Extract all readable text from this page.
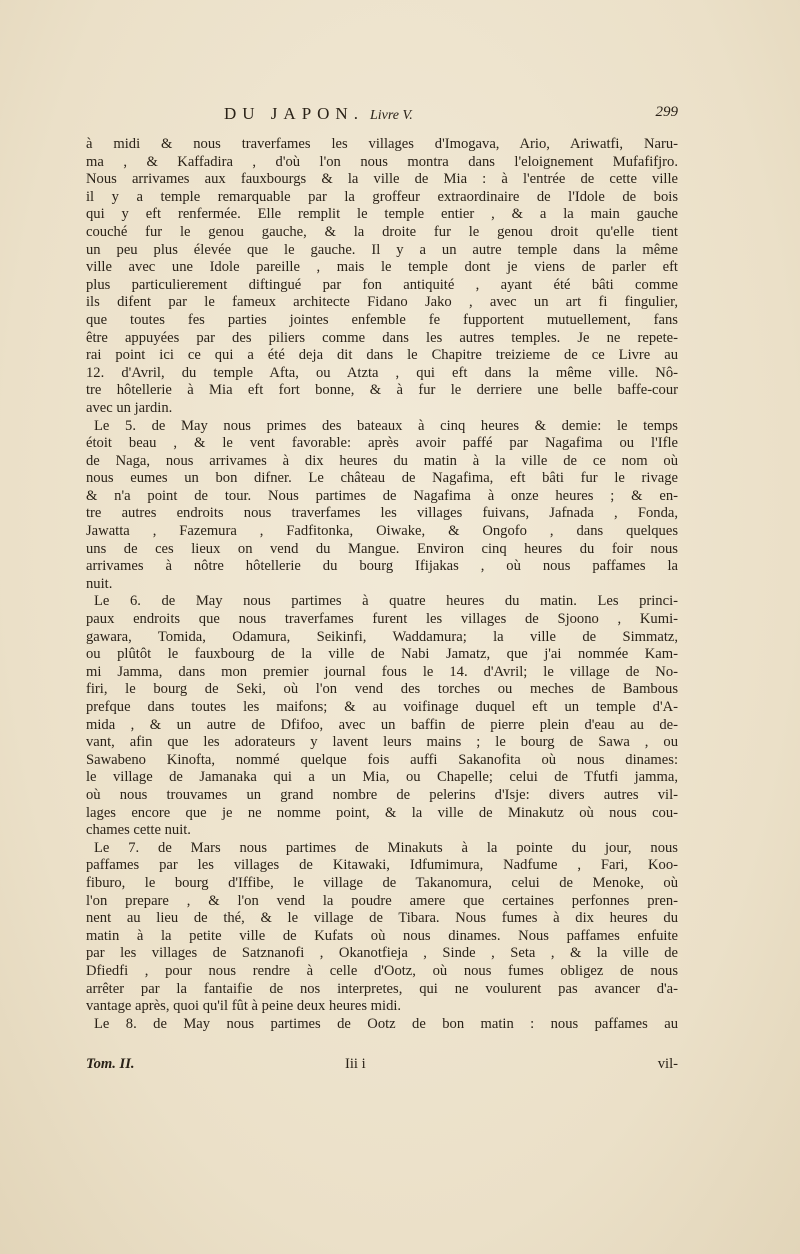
DU JAPON. Livre V.	299
à midi & nous traverfames les villages d'Imogava, Ario, Ariwatfi, Naru-
ma , & Kaffadira , d'où l'on nous montra dans l'eloignement Mufafifjro.
Nous arrivames aux fauxbourgs & la ville de Mia : à l'entrée de cette ville
il y a temple remarquable par la groffeur extraordinaire de l'Idole de bois
qui y eft renfermée. Elle remplit le temple entier , & a la main gauche
couché fur le genou gauche, & la droite fur le genou droit qu'elle tient
un peu plus élevée que le gauche. Il y a un autre temple dans la même
ville avec une Idole pareille , mais le temple dont je viens de parler eft
plus particulierement diftingué par fon antiquité , ayant été bâti comme
ils difent par le fameux architecte Fidano Jako , avec un art fi fingulier,
que toutes fes parties jointes enfemble fe fupportent mutuellement, fans
être appuyées par des piliers comme dans les autres temples. Je ne repete-
rai point ici ce qui a été deja dit dans le Chapitre treizieme de ce Livre au
12. d'Avril, du temple Afta, ou Atzta , qui eft dans la même ville. Nô-
tre hôtellerie à Mia eft fort bonne, & à fur le derriere une belle baffe-cour
avec un jardin.
Le 5. de May nous primes des bateaux à cinq heures & demie: le temps
étoit beau , & le vent favorable: après avoir paffé par Nagafima ou l'Ifle
de Naga, nous arrivames à dix heures du matin à la ville de ce nom où
nous eumes un bon difner. Le château de Nagafima, eft bâti fur le rivage
& n'a point de tour. Nous partimes de Nagafima à onze heures ; & en-
tre autres endroits nous traverfames les villages fuivans, Jafnada , Fonda,
Jawatta , Fazemura , Fadfitonka, Oiwake, & Ongofo , dans quelques
uns de ces lieux on vend du Mangue. Environ cinq heures du foir nous
arrivames à nôtre hôtellerie du bourg Ifijakas , où nous paffames la
nuit.
Le 6. de May nous partimes à quatre heures du matin. Les princi-
paux endroits que nous traverfames furent les villages de Sjoono , Kumi-
gawara, Tomida, Odamura, Seikinfi, Waddamura; la ville de Simmatz,
ou plûtôt le fauxbourg de la ville de Nabi Jamatz, que j'ai nommée Kam-
mi Jamma, dans mon premier journal fous le 14. d'Avril; le village de No-
firi, le bourg de Seki, où l'on vend des torches ou meches de Bambous
prefque dans toutes les maifons; & au voifinage duquel eft un temple d'A-
mida , & un autre de Dfifoo, avec un baffin de pierre plein d'eau au de-
vant, afin que les adorateurs y lavent leurs mains ; le bourg de Sawa , ou
Sawabeno Kinofta, nommé quelque fois auffi Sakanofita où nous dinames:
le village de Jamanaka qui a un Mia, ou Chapelle; celui de Tfutfi jamma,
où nous trouvames un grand nombre de pelerins d'Isje: divers autres vil-
lages encore que je ne nomme point, & la ville de Minakutz où nous cou-
chames cette nuit.
Le 7. de Mars nous partimes de Minakuts à la pointe du jour, nous
paffames par les villages de Kitawaki, Idfumimura, Nadfume , Fari, Koo-
fiburo, le bourg d'Iffibe, le village de Takanomura, celui de Menoke, où
l'on prepare , & l'on vend la poudre amere que certaines perfonnes pren-
nent au lieu de thé, & le village de Tibara. Nous fumes à dix heures du
matin à la petite ville de Kufats où nous dinames. Nous paffames enfuite
par les villages de Satznanofi , Okanotfieja , Sinde , Seta , & la ville de
Dfiedfi , pour nous rendre à celle d'Ootz, où nous fumes obligez de nous
arrêter par la fantaifie de nos interpretes, qui ne voulurent pas avancer d'a-
vantage après, quoi qu'il fût à peine deux heures midi.
Le 8. de May nous partimes de Ootz de bon matin : nous paffames au
Tom. II.	Iii i	vil-
